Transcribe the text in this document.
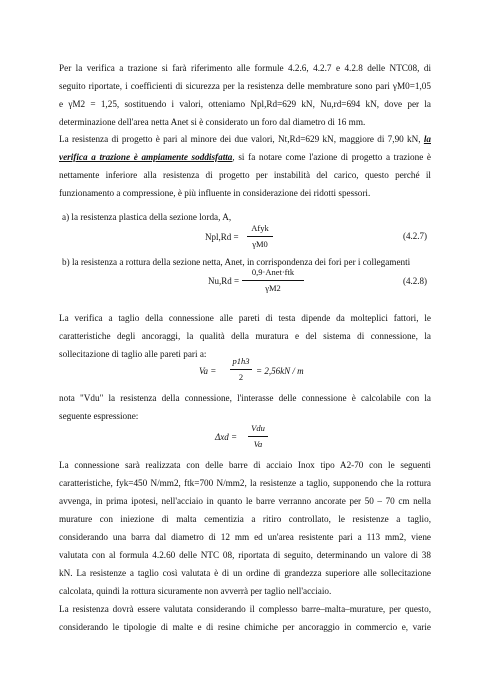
Per la verifica a trazione si farà riferimento alle formule 4.2.6, 4.2.7 e 4.2.8 delle NTC08, di
seguito riportate, i coefficienti di sicurezza per la resistenza delle membrature sono pari γM0=1,05
e γM2 = 1,25, sostituendo i valori, otteniamo Npl,Rd=629 kN, Nu,rd=694 kN, dove per la
determinazione dell'area netta Anet si è considerato un foro dal diametro di 16 mm.
La resistenza di progetto è pari al minore dei due valori, Nt,Rd=629 kN, maggiore di 7,90 kN, la
verifica a trazione è ampiamente soddisfatta, si fa notare come l'azione di progetto a trazione è
nettamente inferiore alla resistenza di progetto per instabilità del carico, questo perché il
funzionamento a compressione, è più influente in considerazione dei ridotti spessori.
a) la resistenza plastica della sezione lorda, A,
Npl,Rd =
Afyk
γM0
(4.2.7)
b) la resistenza a rottura della sezione netta, Anet, in corrispondenza dei fori per i collegamenti
Nu,Rd =
0,9·Anet·ftk
γM2
(4.2.8)
La verifica a taglio della connessione alle pareti di testa dipende da molteplici fattori, le
caratteristiche degli ancoraggi, la qualità della muratura e del sistema di connessione, la
sollecitazione di taglio alle pareti pari a:
Va =
p1h3
2
= 2,56kN / m
nota "Vdu" la resistenza della connessione, l'interasse delle connessione è calcolabile con la
seguente espressione:
Δxd =
Vdu
Va
La connessione sarà realizzata con delle barre di acciaio Inox tipo A2-70 con le seguenti
caratteristiche, fyk=450 N/mm2, ftk=700 N/mm2, la resistenze a taglio, supponendo che la rottura
avvenga, in prima ipotesi, nell'acciaio in quanto le barre verranno ancorate per 50 – 70 cm nella
murature con iniezione di malta cementizia a ritiro controllato, le resistenze a taglio,
considerando una barra dal diametro di 12 mm ed un'area resistente pari a 113 mm2, viene
valutata con al formula 4.2.60 delle NTC 08, riportata di seguito, determinando un valore di 38
kN. La resistenze a taglio così valutata è di un ordine di grandezza superiore alle sollecitazione
calcolata, quindi la rottura sicuramente non avverrà per taglio nell'acciaio.
La resistenza dovrà essere valutata considerando il complesso barre–malta–murature, per questo,
considerando le tipologie di malte e di resine chimiche per ancoraggio in commercio e, varie
